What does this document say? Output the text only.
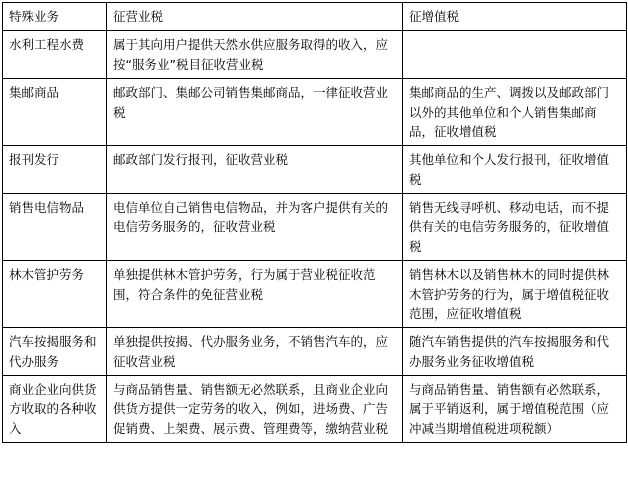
特殊业务	征营业税	征增值税

水利工程水费	属于其向用户提供天然水供应服务取得的收入，应按“服务业”税目征收营业税	

集邮商品	邮政部门、集邮公司销售集邮商品，一律征收营业税	集邮商品的生产、调拨以及邮政部门以外的其他单位和个人销售集邮商品，征收增值税

报刊发行	邮政部门发行报刊，征收营业税	其他单位和个人发行报刊，征收增值税

销售电信物品	电信单位自己销售电信物品，并为客户提供有关的电信劳务服务的，征收营业税	销售无线寻呼机、移动电话，而不提供有关的电信劳务服务的，征收增值税

林木管护劳务	单独提供林木管护劳务，行为属于营业税征收范围，符合条件的免征营业税	销售林木以及销售林木的同时提供林木管护劳务的行为，属于增值税征收范围，应征收增值税

汽车按揭服务和代办服务	单独提供按揭、代办服务业务，不销售汽车的，应征收营业税	随汽车销售提供的汽车按揭服务和代办服务业务征收增值税

商业企业向供货方收取的各种收入	与商品销售量、销售额无必然联系，且商业企业向供货方提供一定劳务的收入，例如，进场费、广告促销费、上架费、展示费、管理费等，缴纳营业税	与商品销售量、销售额有必然联系，属于平销返利，属于增值税范围（应冲减当期增值税进项税额）
